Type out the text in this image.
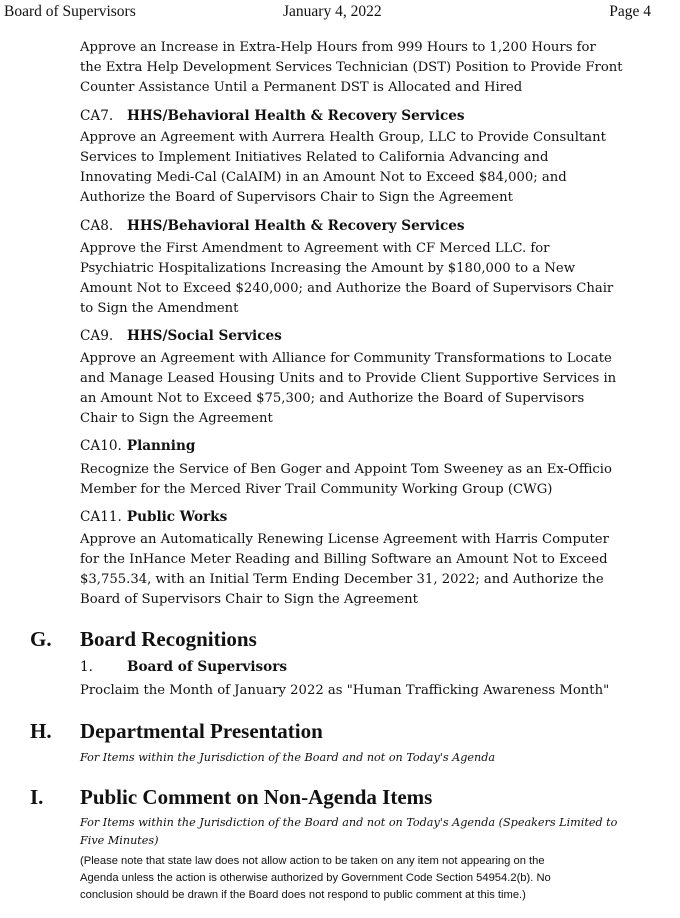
Board of Supervisors	January 4, 2022	Page 4
Approve an Increase in Extra-Help Hours from 999 Hours to 1,200 Hours for
the Extra Help Development Services Technician (DST) Position to Provide Front
Counter Assistance Until a Permanent DST is Allocated and Hired
CA7. HHS/Behavioral Health & Recovery Services
Approve an Agreement with Aurrera Health Group, LLC to Provide Consultant
Services to Implement Initiatives Related to California Advancing and
Innovating Medi-Cal (CalAIM) in an Amount Not to Exceed $84,000; and
Authorize the Board of Supervisors Chair to Sign the Agreement
CA8. HHS/Behavioral Health & Recovery Services
Approve the First Amendment to Agreement with CF Merced LLC. for
Psychiatric Hospitalizations Increasing the Amount by $180,000 to a New
Amount Not to Exceed $240,000; and Authorize the Board of Supervisors Chair
to Sign the Amendment
CA9. HHS/Social Services
Approve an Agreement with Alliance for Community Transformations to Locate
and Manage Leased Housing Units and to Provide Client Supportive Services in
an Amount Not to Exceed $75,300; and Authorize the Board of Supervisors
Chair to Sign the Agreement
CA10. Planning
Recognize the Service of Ben Goger and Appoint Tom Sweeney as an Ex-Officio
Member for the Merced River Trail Community Working Group (CWG)
CA11. Public Works
Approve an Automatically Renewing License Agreement with Harris Computer
for the InHance Meter Reading and Billing Software an Amount Not to Exceed
$3,755.34, with an Initial Term Ending December 31, 2022; and Authorize the
Board of Supervisors Chair to Sign the Agreement
G. Board Recognitions
1.	Board of Supervisors
Proclaim the Month of January 2022 as "Human Trafficking Awareness Month"
H. Departmental Presentation
For Items within the Jurisdiction of the Board and not on Today's Agenda
I. Public Comment on Non-Agenda Items
For Items within the Jurisdiction of the Board and not on Today's Agenda (Speakers Limited to
Five Minutes)
(Please note that state law does not allow action to be taken on any item not appearing on the
Agenda unless the action is otherwise authorized by Government Code Section 54954.2(b). No
conclusion should be drawn if the Board does not respond to public comment at this time.)
